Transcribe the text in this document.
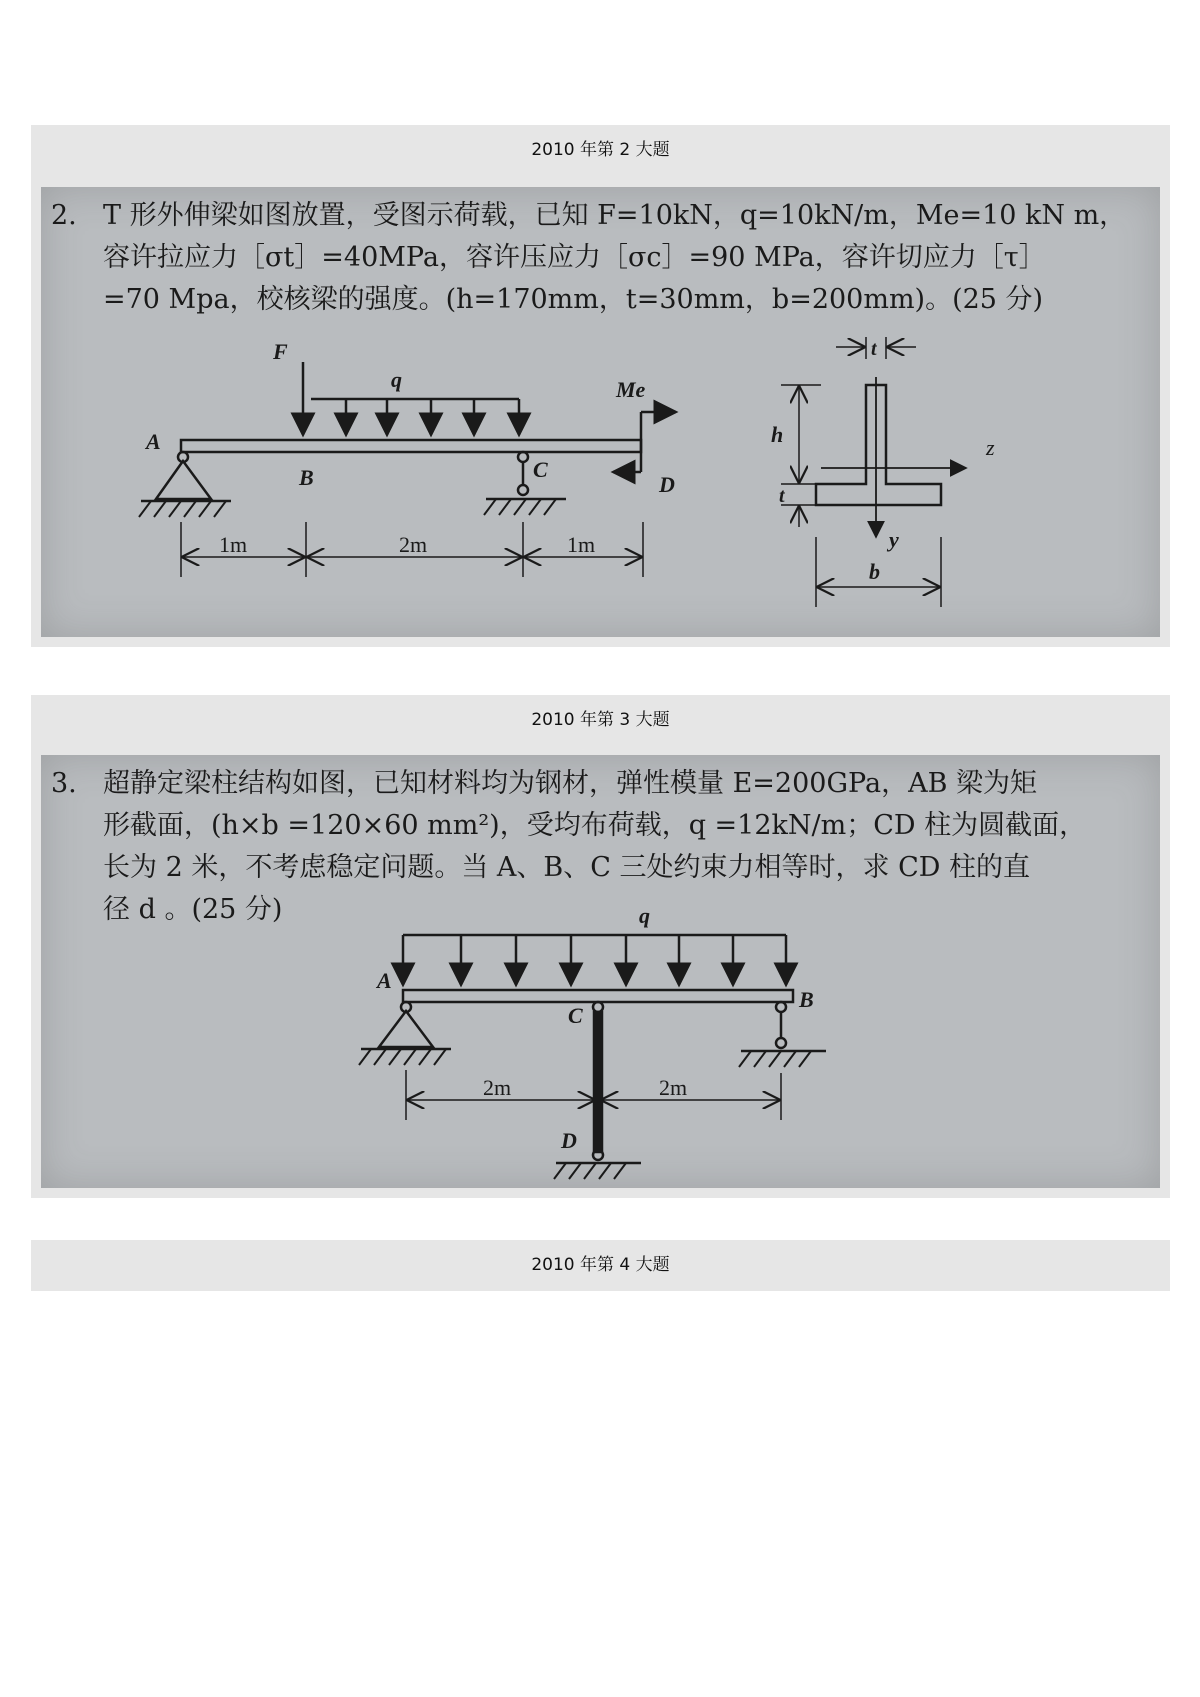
2010 年第 2 大题
2. T 形外伸梁如图放置，受图示荷载，已知 F=10kN，q=10kN/m，Me=10 kN m，
容许拉应力［σt］=40MPa，容许压应力［σc］=90 MPa，容许切应力［τ］
=70 Mpa，校核梁的强度。(h=170mm，t=30mm，b=200mm)。(25 分)
F
q	Me
A
B	C
D
1m	2m	1m
t
h
t
z
y
b
2010 年第 3 大题
3. 超静定梁柱结构如图，已知材料均为钢材，弹性模量 E=200GPa，AB 梁为矩
形截面，(h×b =120×60 mm²)，受均布荷载，q =12kN/m；CD 柱为圆截面，
长为 2 米，不考虑稳定问题。当 A、B、C 三处约束力相等时，求 CD 柱的直
径 d 。(25 分)	q
A
B
C
D
2m	2m
2010 年第 4 大题
